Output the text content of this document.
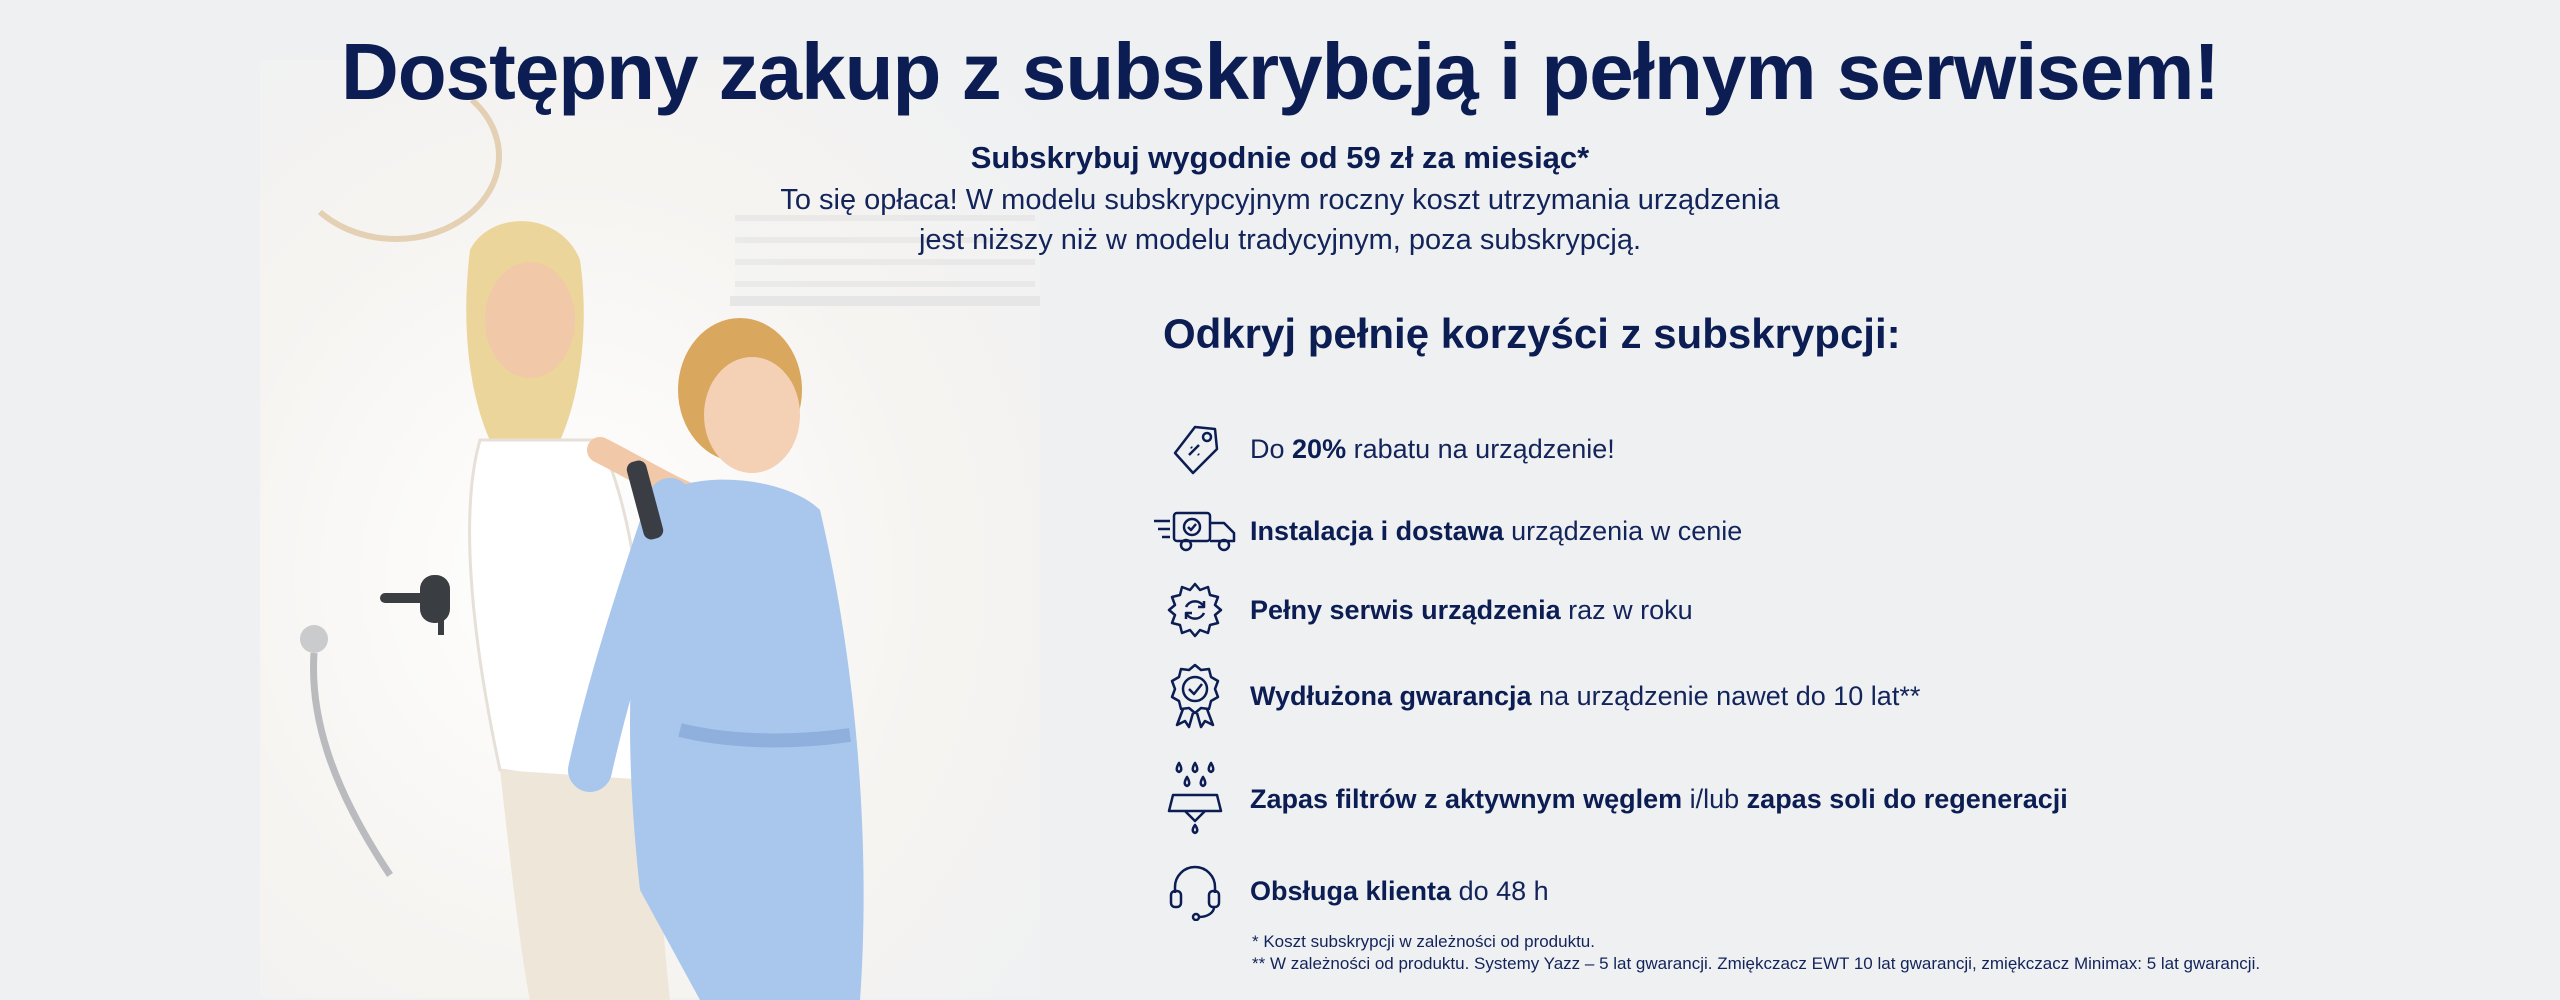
Dostępny zakup z subskrybcją i pełnym serwisem!
Subskrybuj wygodnie od 59 zł za miesiąc*
To się opłaca! W modelu subskrypcyjnym roczny koszt utrzymania urządzenia
jest niższy niż w modelu tradycyjnym, poza subskrypcją.
Odkryj pełnię korzyści z subskrypcji:
Do 20% rabatu na urządzenie!
Instalacja i dostawa urządzenia w cenie
Pełny serwis urządzenia raz w roku
Wydłużona gwarancja na urządzenie nawet do 10 lat**
Zapas filtrów z aktywnym węglem i/lub zapas soli do regeneracji
Obsługa klienta do 48 h
* Koszt subskrypcji w zależności od produktu.
** W zależności od produktu. Systemy Yazz – 5 lat gwarancji. Zmiękczacz EWT 10 lat gwarancji, zmiękczacz Minimax: 5 lat gwarancji.
